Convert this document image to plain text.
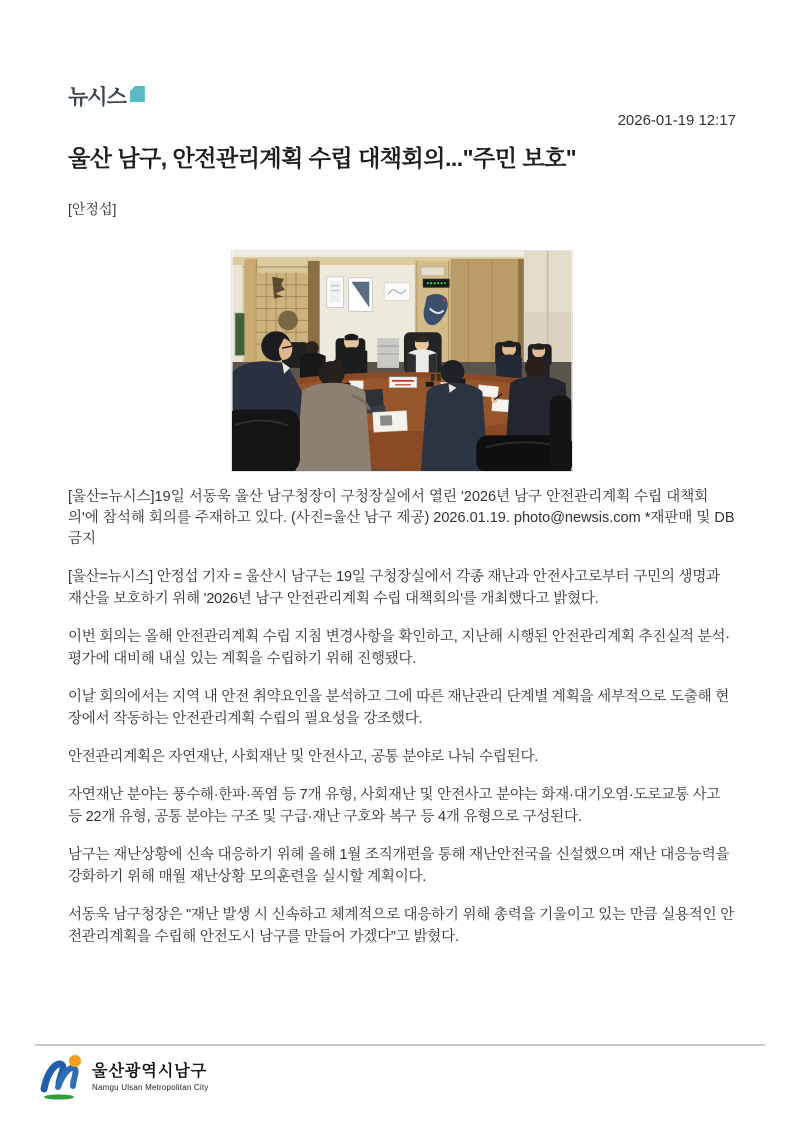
뉴시스
2026-01-19 12:17
울산 남구, 안전관리계획 수립 대책회의..."주민 보호"
[안정섭]
[울산=뉴시스]19일 서동욱 울산 남구청장이 구청장실에서 열린 '2026년 남구 안전관리계획 수립 대책회의'에 참석해 회의를 주재하고 있다. (사진=울산 남구 제공) 2026.01.19. photo@newsis.com *재판매 및 DB 금지

[울산=뉴시스] 안정섭 기자 = 울산시 남구는 19일 구청장실에서 각종 재난과 안전사고로부터 구민의 생명과 재산을 보호하기 위해 '2026년 남구 안전관리계획 수립 대책회의'를 개최했다고 밝혔다.

이번 회의는 올해 안전관리계획 수립 지침 변경사항을 확인하고, 지난해 시행된 안전관리계획 추진실적 분석·평가에 대비해 내실 있는 계획을 수립하기 위해 진행됐다.

이날 회의에서는 지역 내 안전 취약요인을 분석하고 그에 따른 재난관리 단계별 계획을 세부적으로 도출해 현장에서 작동하는 안전관리계획 수립의 필요성을 강조했다.

안전관리계획은 자연재난, 사회재난 및 안전사고, 공통 분야로 나눠 수립된다.

자연재난 분야는 풍수해·한파·폭염 등 7개 유형, 사회재난 및 안전사고 분야는 화재·대기오염·도로교통 사고 등 22개 유형, 공통 분야는 구조 및 구급·재난 구호와 복구 등 4개 유형으로 구성된다.

남구는 재난상황에 신속 대응하기 위헤 올해 1월 조직개편을 통해 재난안전국을 신설했으며 재난 대응능력을 강화하기 위해 매월 재난상황 모의훈련을 실시할 계획이다.

서동욱 남구청장은 "재난 발생 시 신속하고 체계적으로 대응하기 위해 총력을 기울이고 있는 만큼 실용적인 안전관리계획을 수립해 안전도시 남구를 만들어 가겠다"고 밝혔다.

울산광역시남구
Namgu Ulsan Metropolitan City
